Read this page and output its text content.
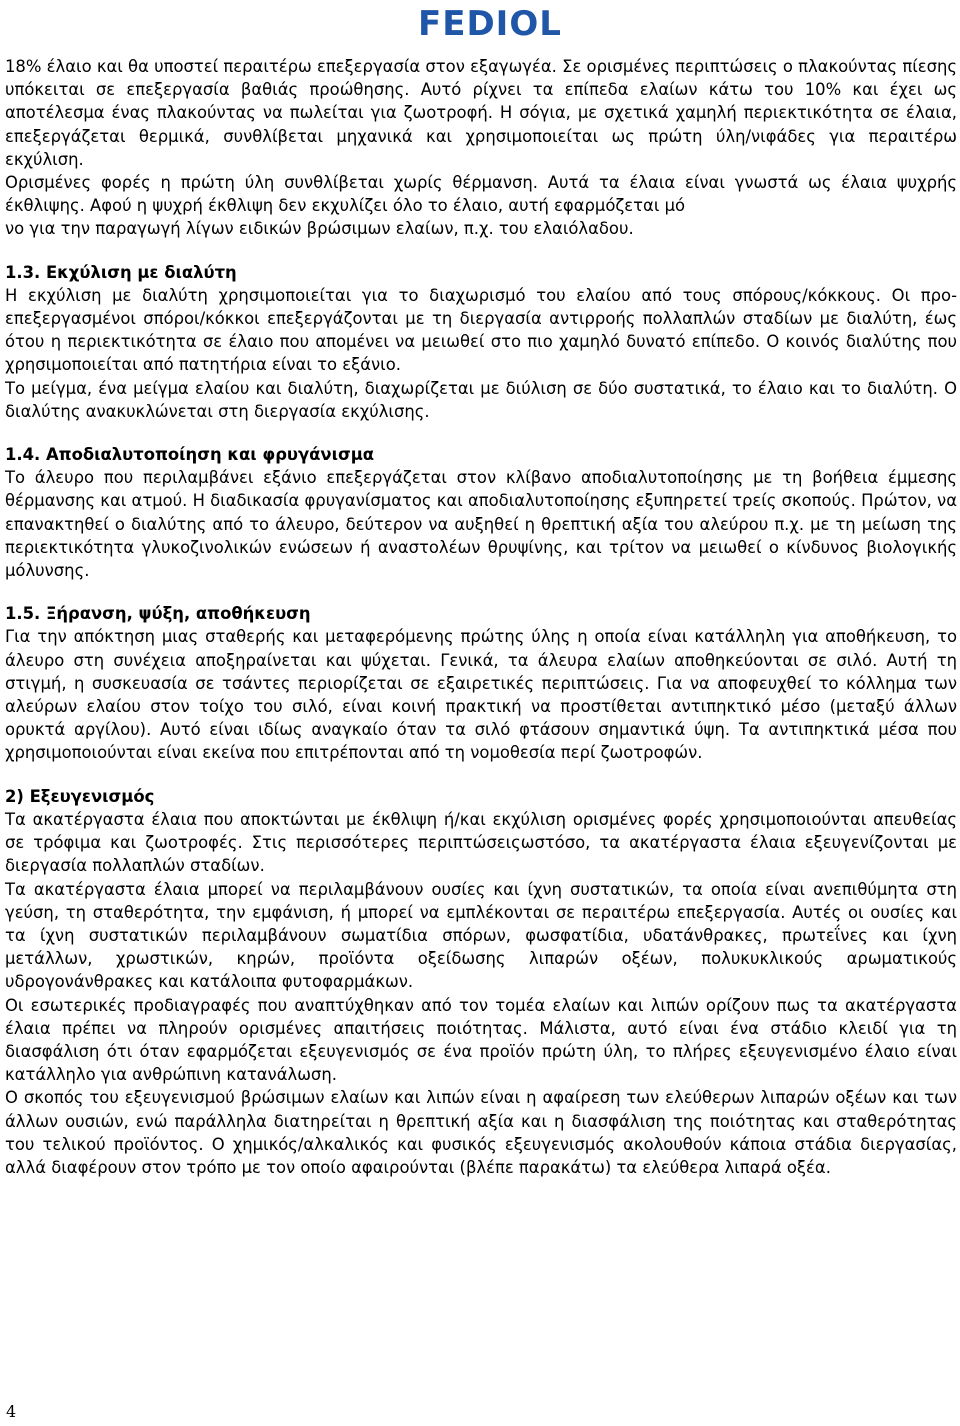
FEDIOL

18% έλαιο και θα υποστεί περαιτέρω επεξεργασία στον εξαγωγέα. Σε ορισμένες περιπτώσεις ο πλακούντας πίεσης υπόκειται σε επεξεργασία βαθιάς προώθησης. Αυτό ρίχνει τα επίπεδα ελαίων κάτω του 10% και έχει ως αποτέλεσμα ένας πλακούντας να πωλείται για ζωοτροφή. Η σόγια, με σχετικά χαμηλή περιεκτικότητα σε έλαια, επεξεργάζεται θερμικά, συνθλίβεται μηχανικά και χρησιμοποιείται ως πρώτη ύλη/νιφάδες για περαιτέρω εκχύλιση.

Ορισμένες φορές η πρώτη ύλη συνθλίβεται χωρίς θέρμανση. Αυτά τα έλαια είναι γνωστά ως έλαια ψυχρής έκθλιψης. Αφού η ψυχρή έκθλιψη δεν εκχυλίζει όλο το έλαιο, αυτή εφαρμόζεται μό

νο για την παραγωγή λίγων ειδικών βρώσιμων ελαίων, π.χ. του ελαιόλαδου.

1.3. Εκχύλιση με διαλύτη

Η εκχύλιση με διαλύτη χρησιμοποιείται για το διαχωρισμό του ελαίου από τους σπόρους/κόκκους. Οι προ-επεξεργασμένοι σπόροι/κόκκοι επεξεργάζονται με τη διεργασία αντιρροής πολλαπλών σταδίων με διαλύτη, έως ότου η περιεκτικότητα σε έλαιο που απομένει να μειωθεί στο πιο χαμηλό δυνατό επίπεδο. Ο κοινός διαλύτης που χρησιμοποιείται από πατητήρια είναι το εξάνιο.

Το μείγμα, ένα μείγμα ελαίου και διαλύτη, διαχωρίζεται με διύλιση σε δύο συστατικά, το έλαιο και το διαλύτη. Ο διαλύτης ανακυκλώνεται στη διεργασία εκχύλισης.

1.4. Αποδιαλυτοποίηση και φρυγάνισμα

Το άλευρο που περιλαμβάνει εξάνιο επεξεργάζεται στον κλίβανο αποδιαλυτοποίησης με τη βοήθεια έμμεσης θέρμανσης και ατμού. Η διαδικασία φρυγανίσματος και αποδιαλυτοποίησης εξυπηρετεί τρείς σκοπούς. Πρώτον, να επανακτηθεί ο διαλύτης από το άλευρο, δεύτερον να αυξηθεί η θρεπτική αξία του αλεύρου π.χ. με τη μείωση της περιεκτικότητα γλυκοζινολικών ενώσεων ή αναστολέων θρυψίνης, και τρίτον να μειωθεί ο κίνδυνος βιολογικής μόλυνσης.

1.5. Ξήρανση, ψύξη, αποθήκευση

Για την απόκτηση μιας σταθερής και μεταφερόμενης πρώτης ύλης η οποία είναι κατάλληλη για αποθήκευση, το άλευρο στη συνέχεια αποξηραίνεται και ψύχεται. Γενικά, τα άλευρα ελαίων αποθηκεύονται σε σιλό. Αυτή τη στιγμή, η συσκευασία σε τσάντες περιορίζεται σε εξαιρετικές περιπτώσεις. Για να αποφευχθεί το κόλλημα των αλεύρων ελαίου στον τοίχο του σιλό, είναι κοινή πρακτική να προστίθεται αντιπηκτικό μέσο (μεταξύ άλλων ορυκτά αργίλου). Αυτό είναι ιδίως αναγκαίο όταν τα σιλό φτάσουν σημαντικά ύψη. Τα αντιπηκτικά μέσα που χρησιμοποιούνται είναι εκείνα που επιτρέπονται από τη νομοθεσία περί ζωοτροφών.

2) Εξευγενισμός

Τα ακατέργαστα έλαια που αποκτώνται με έκθλιψη ή/και εκχύλιση ορισμένες φορές χρησιμοποιούνται απευθείας σε τρόφιμα και ζωοτροφές. Στις περισσότερες περιπτώσειςωστόσο, τα ακατέργαστα έλαια εξευγενίζονται με διεργασία πολλαπλών σταδίων.

Τα ακατέργαστα έλαια μπορεί να περιλαμβάνουν ουσίες και ίχνη συστατικών, τα οποία είναι ανεπιθύμητα στη γεύση, τη σταθερότητα, την εμφάνιση, ή μπορεί να εμπλέκονται σε περαιτέρω επεξεργασία. Αυτές οι ουσίες και τα ίχνη συστατικών περιλαμβάνουν σωματίδια σπόρων, φωσφατίδια, υδατάνθρακες, πρωτεΐνες και ίχνη μετάλλων, χρωστικών, κηρών, προϊόντα οξείδωσης λιπαρών οξέων, πολυκυκλικούς αρωματικούς υδρογονάνθρακες και κατάλοιπα φυτοφαρμάκων.

Οι εσωτερικές προδιαγραφές που αναπτύχθηκαν από τον τομέα ελαίων και λιπών ορίζουν πως τα ακατέργαστα έλαια πρέπει να πληρούν ορισμένες απαιτήσεις ποιότητας. Μάλιστα, αυτό είναι ένα στάδιο κλειδί για τη διασφάλιση ότι όταν εφαρμόζεται εξευγενισμός σε ένα προϊόν πρώτη ύλη, το πλήρες εξευγενισμένο έλαιο είναι κατάλληλο για ανθρώπινη κατανάλωση.

Ο σκοπός του εξευγενισμού βρώσιμων ελαίων και λιπών είναι η αφαίρεση των ελεύθερων λιπαρών οξέων και των άλλων ουσιών, ενώ παράλληλα διατηρείται η θρεπτική αξία και η διασφάλιση της ποιότητας και σταθερότητας του τελικού προϊόντος. Ο χημικός/αλκαλικός και φυσικός εξευγενισμός ακολουθούν κάποια στάδια διεργασίας, αλλά διαφέρουν στον τρόπο με τον οποίο αφαιρούνται (βλέπε παρακάτω) τα ελεύθερα λιπαρά οξέα.

4
